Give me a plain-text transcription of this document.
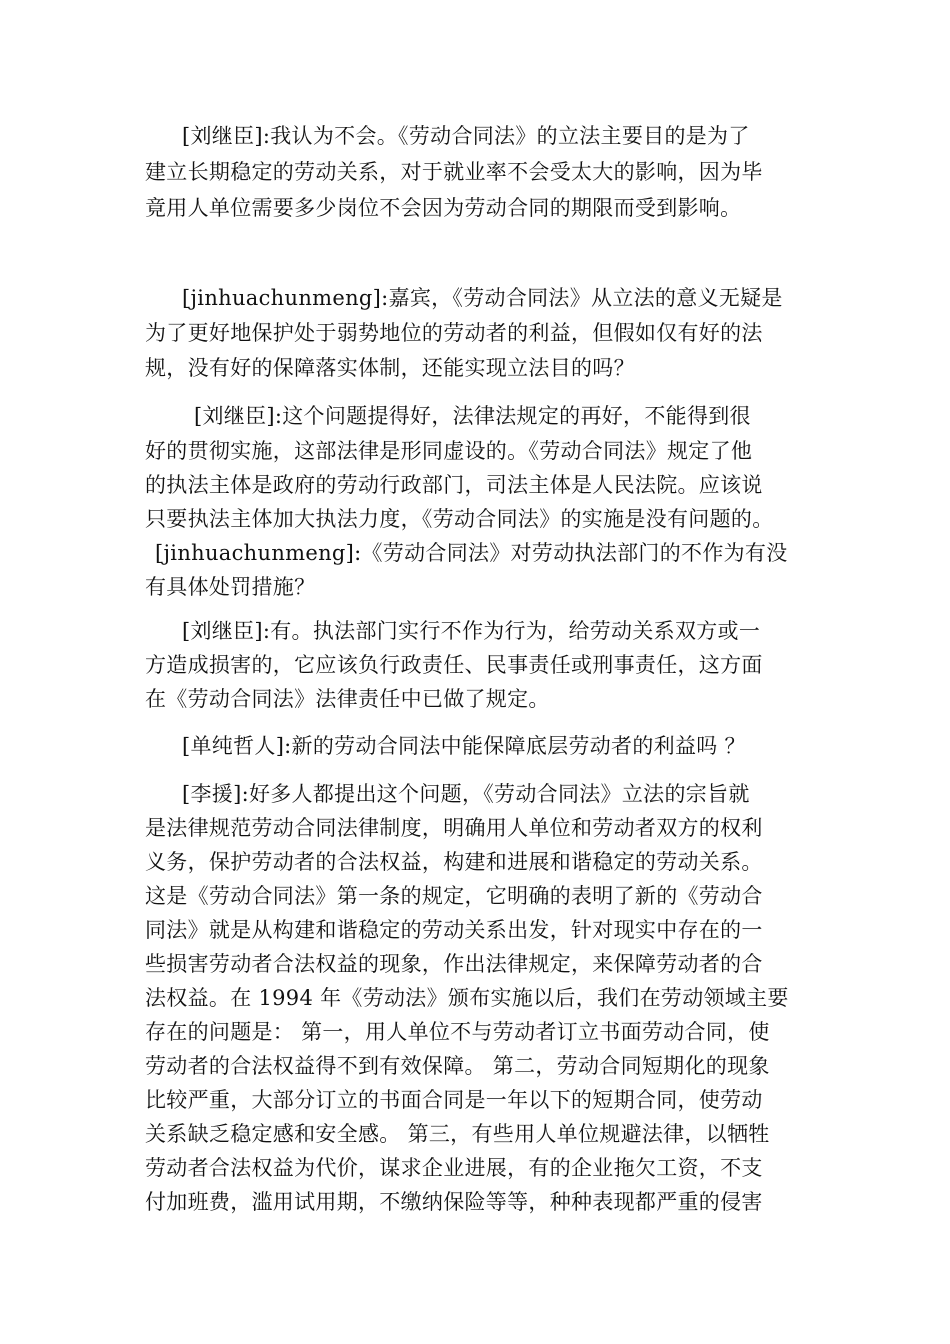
[刘继臣]:我认为不会。《劳动合同法》的立法主要目的是为了
建立长期稳定的劳动关系，对于就业率不会受太大的影响，因为毕
竟用人单位需要多少岗位不会因为劳动合同的期限而受到影响。
[jinhuachunmeng]:嘉宾，《劳动合同法》从立法的意义无疑是
为了更好地保护处于弱势地位的劳动者的利益，但假如仅有好的法
规，没有好的保障落实体制，还能实现立法目的吗？
[刘继臣]:这个问题提得好，法律法规定的再好，不能得到很
好的贯彻实施，这部法律是形同虚设的。《劳动合同法》规定了他
的执法主体是政府的劳动行政部门，司法主体是人民法院。应该说
只要执法主体加大执法力度，《劳动合同法》的实施是没有问题的。
[jinhuachunmeng]:《劳动合同法》对劳动执法部门的不作为有没
有具体处罚措施？
[刘继臣]:有。执法部门实行不作为行为，给劳动关系双方或一
方造成损害的，它应该负行政责任、民事责任或刑事责任，这方面
在《劳动合同法》法律责任中已做了规定。
[单纯哲人]:新的劳动合同法中能保障底层劳动者的利益吗 ？
[李援]:好多人都提出这个问题，《劳动合同法》立法的宗旨就
是法律规范劳动合同法律制度，明确用人单位和劳动者双方的权利
义务，保护劳动者的合法权益，构建和进展和谐稳定的劳动关系。
这是《劳动合同法》第一条的规定，它明确的表明了新的《劳动合
同法》就是从构建和谐稳定的劳动关系出发，针对现实中存在的一
些损害劳动者合法权益的现象，作出法律规定，来保障劳动者的合
法权益。在 1994 年《劳动法》颁布实施以后，我们在劳动领域主要
存在的问题是： 第一，用人单位不与劳动者订立书面劳动合同，使
劳动者的合法权益得不到有效保障。 第二，劳动合同短期化的现象
比较严重，大部分订立的书面合同是一年以下的短期合同，使劳动
关系缺乏稳定感和安全感。 第三，有些用人单位规避法律，以牺牲
劳动者合法权益为代价，谋求企业进展，有的企业拖欠工资，不支
付加班费，滥用试用期，不缴纳保险等等，种种表现都严重的侵害
